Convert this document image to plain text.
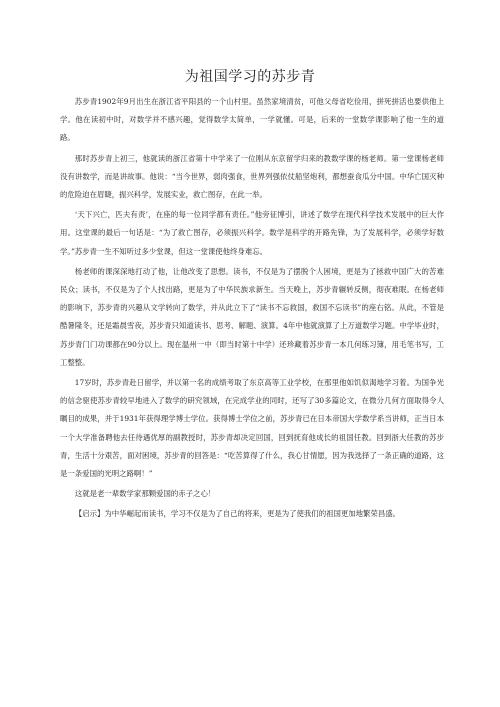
为祖国学习的苏步青

苏步青1902年9月出生在浙江省平阳县的一个山村里。虽然家境清贫，可他父母省吃俭用，拼死拼活也要供他上学。他在读初中时，对数学并不感兴趣，觉得数学太简单，一学就懂。可是，后来的一堂数学课影响了他一生的道路。

那时苏步青上初三，他就读的浙江省第十中学来了一位刚从东京留学归来的教数学课的杨老师。第一堂课杨老师没有讲数学，而是讲故事。他说：“当今世界，弱肉强食，世界列强依仗船坚炮利，都想蚕食瓜分中国。中华亡国灭种的危险迫在眉睫，振兴科学，发展实业，救亡图存，在此一举。

‘天下兴亡，匹夫有责’，在座的每一位同学都有责任。”他旁征博引，讲述了数学在现代科学技术发展中的巨大作用。这堂课的最后一句话是：“为了救亡图存，必须振兴科学。数学是科学的开路先锋，为了发展科学，必须学好数学。”苏步青一生不知听过多少堂课，但这一堂课使他终身难忘。

杨老师的课深深地打动了他，让他改变了思想。读书，不仅是为了摆脱个人困境，更是为了拯救中国广大的苦难民众；读书，不仅是为了个人找出路，更是为了中华民族求新生。当天晚上，苏步青辗转反侧，彻夜难眠。在杨老师的影响下，苏步青的兴趣从文学转向了数学，并从此立下了“读书不忘救国，救国不忘读书”的座右铭。从此，不管是酷暑隆冬，还是霜晨雪夜，苏步青只知道读书、思考、解题、演算。4年中他就演算了上万道数学习题。中学毕业时，苏步青门门功课都在90分以上。现在温州一中（即当时第十中学）还珍藏着苏步青一本几何练习簿，用毛笔书写，工工整整。

17岁时，苏步青赴日留学，并以第一名的成绩考取了东京高等工业学校，在那里他如饥似渴地学习着。为国争光的信念驱使苏步青较早地进入了数学的研究领域，在完成学业的同时，还写了30多篇论文，在微分几何方面取得令人瞩目的成果，并于1931年获得理学博士学位。获得博士学位之前，苏步青已在日本帝国大学数学系当讲师，正当日本一个大学准备聘他去任待遇优厚的副教授时，苏步青却决定回国，回到抚育他成长的祖国任教。回到浙大任教的苏步青，生活十分艰苦，面对困境，苏步青的回答是：“吃苦算得了什么，我心甘情愿，因为我选择了一条正确的道路，这是一条爱国的光明之路啊！”

这就是老一辈数学家那颗爱国的赤子之心！

【启示】为中华崛起而读书，学习不仅是为了自己的将来，更是为了使我们的祖国更加地繁荣昌盛。
